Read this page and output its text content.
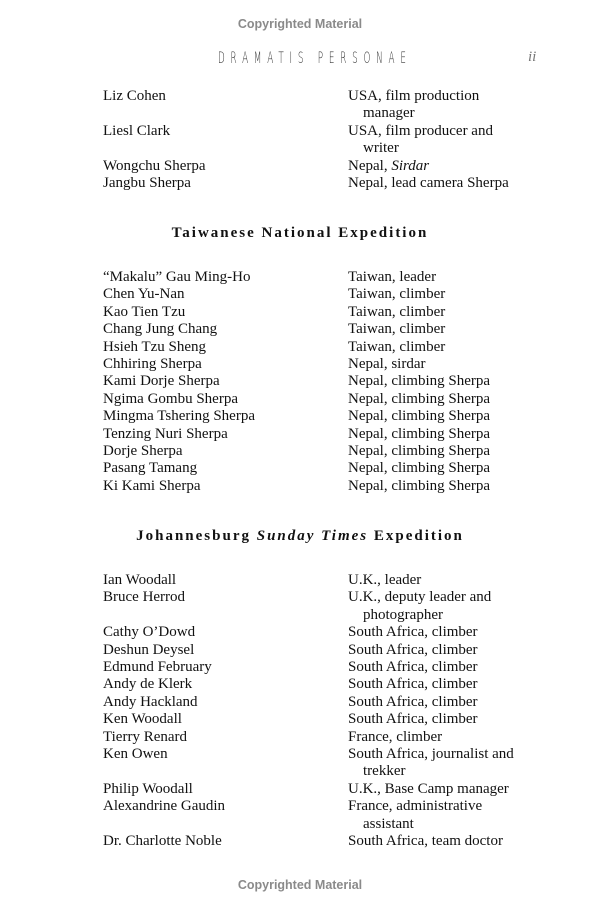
Copyrighted Material
DRAMATIS PERSONAE	ii
Liz Cohen	USA, film production
manager
Liesl Clark	USA, film producer and
writer
Wongchu Sherpa	Nepal, Sirdar
Jangbu Sherpa	Nepal, lead camera Sherpa
Taiwanese National Expedition
“Makalu” Gau Ming-Ho	Taiwan, leader
Chen Yu-Nan	Taiwan, climber
Kao Tien Tzu	Taiwan, climber
Chang Jung Chang	Taiwan, climber
Hsieh Tzu Sheng	Taiwan, climber
Chhiring Sherpa	Nepal, sirdar
Kami Dorje Sherpa	Nepal, climbing Sherpa
Ngima Gombu Sherpa	Nepal, climbing Sherpa
Mingma Tshering Sherpa	Nepal, climbing Sherpa
Tenzing Nuri Sherpa	Nepal, climbing Sherpa
Dorje Sherpa	Nepal, climbing Sherpa
Pasang Tamang	Nepal, climbing Sherpa
Ki Kami Sherpa	Nepal, climbing Sherpa
Johannesburg Sunday Times Expedition
Ian Woodall	U.K., leader
Bruce Herrod	U.K., deputy leader and
photographer
Cathy O’Dowd	South Africa, climber
Deshun Deysel	South Africa, climber
Edmund February	South Africa, climber
Andy de Klerk	South Africa, climber
Andy Hackland	South Africa, climber
Ken Woodall	South Africa, climber
Tierry Renard	France, climber
Ken Owen	South Africa, journalist and
trekker
Philip Woodall	U.K., Base Camp manager
Alexandrine Gaudin	France, administrative
assistant
Dr. Charlotte Noble	South Africa, team doctor
Copyrighted Material
